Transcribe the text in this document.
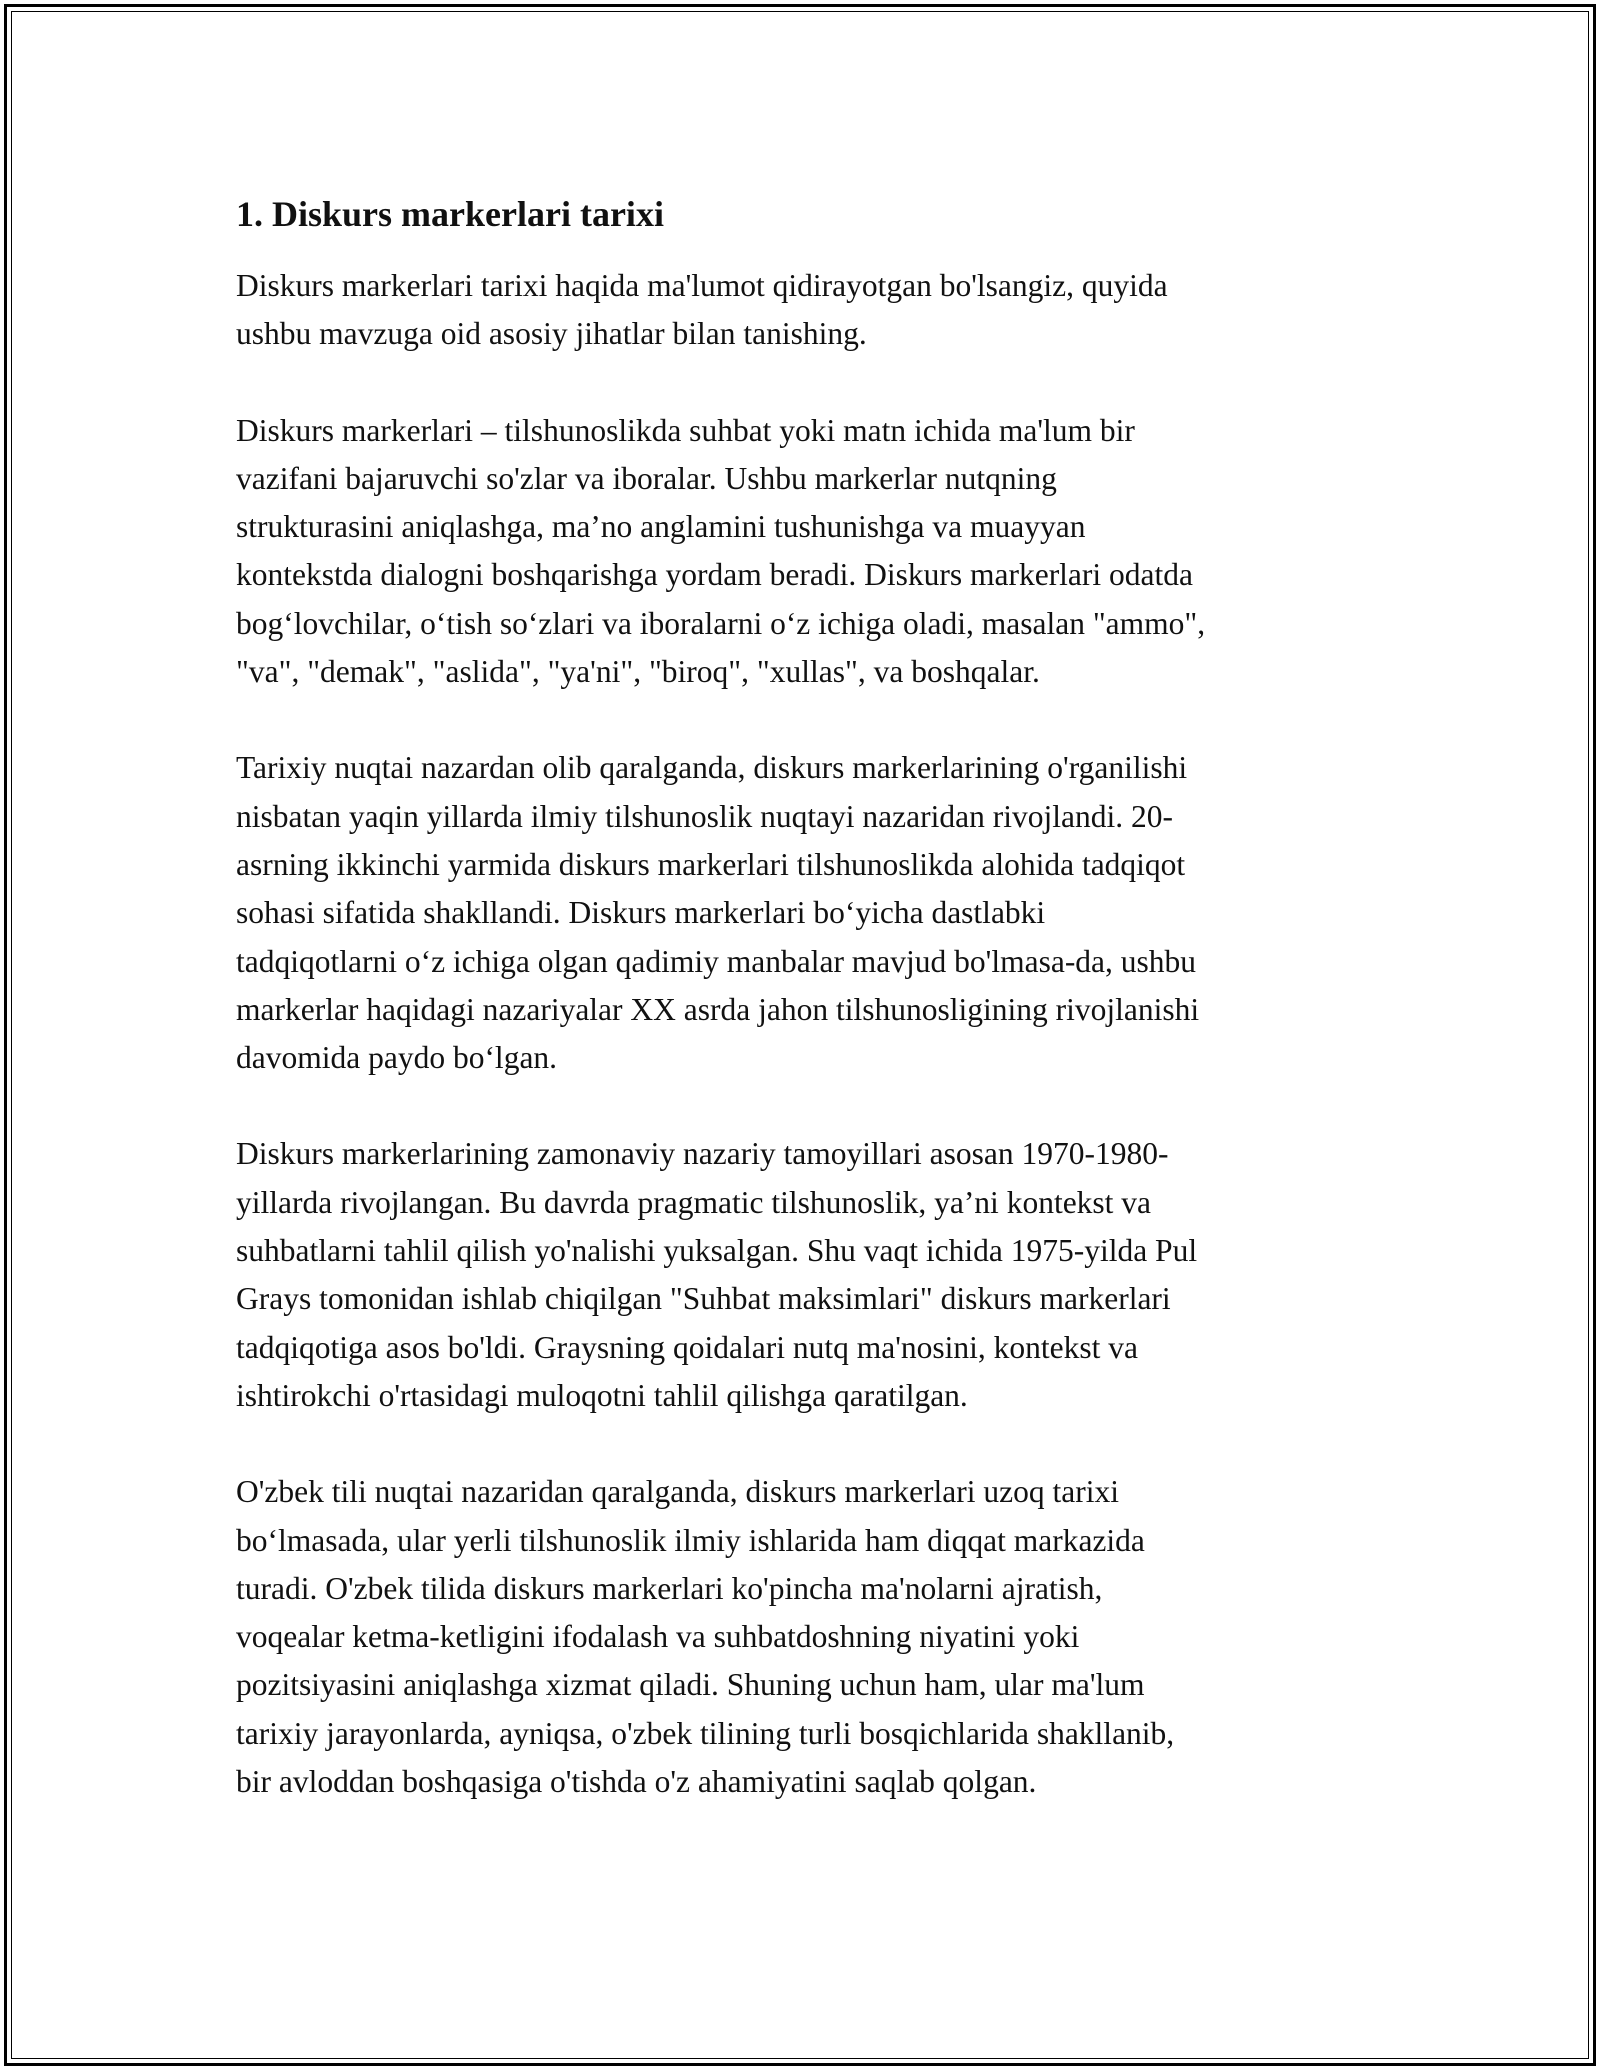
1. Diskurs markerlari tarixi

Diskurs markerlari tarixi haqida ma'lumot qidirayotgan bo'lsangiz, quyida
ushbu mavzuga oid asosiy jihatlar bilan tanishing.

Diskurs markerlari – tilshunoslikda suhbat yoki matn ichida ma'lum bir
vazifani bajaruvchi so'zlar va iboralar. Ushbu markerlar nutqning
strukturasini aniqlashga, ma’no anglamini tushunishga va muayyan
kontekstda dialogni boshqarishga yordam beradi. Diskurs markerlari odatda
bog‘lovchilar, o‘tish so‘zlari va iboralarni o‘z ichiga oladi, masalan "ammo",
"va", "demak", "aslida", "ya'ni", "biroq", "xullas", va boshqalar.

Tarixiy nuqtai nazardan olib qaralganda, diskurs markerlarining o'rganilishi
nisbatan yaqin yillarda ilmiy tilshunoslik nuqtayi nazaridan rivojlandi. 20-
asrning ikkinchi yarmida diskurs markerlari tilshunoslikda alohida tadqiqot
sohasi sifatida shakllandi. Diskurs markerlari bo‘yicha dastlabki
tadqiqotlarni o‘z ichiga olgan qadimiy manbalar mavjud bo'lmasa-da, ushbu
markerlar haqidagi nazariyalar XX asrda jahon tilshunosligining rivojlanishi
davomida paydo bo‘lgan.

Diskurs markerlarining zamonaviy nazariy tamoyillari asosan 1970-1980-
yillarda rivojlangan. Bu davrda pragmatic tilshunoslik, ya’ni kontekst va
suhbatlarni tahlil qilish yo'nalishi yuksalgan. Shu vaqt ichida 1975-yilda Pul
Grays tomonidan ishlab chiqilgan "Suhbat maksimlari" diskurs markerlari
tadqiqotiga asos bo'ldi. Graysning qoidalari nutq ma'nosini, kontekst va
ishtirokchi o'rtasidagi muloqotni tahlil qilishga qaratilgan.

O'zbek tili nuqtai nazaridan qaralganda, diskurs markerlari uzoq tarixi
bo‘lmasada, ular yerli tilshunoslik ilmiy ishlarida ham diqqat markazida
turadi. O'zbek tilida diskurs markerlari ko'pincha ma'nolarni ajratish,
voqealar ketma-ketligini ifodalash va suhbatdoshning niyatini yoki
pozitsiyasini aniqlashga xizmat qiladi. Shuning uchun ham, ular ma'lum
tarixiy jarayonlarda, ayniqsa, o'zbek tilining turli bosqichlarida shakllanib,
bir avloddan boshqasiga o'tishda o'z ahamiyatini saqlab qolgan.
